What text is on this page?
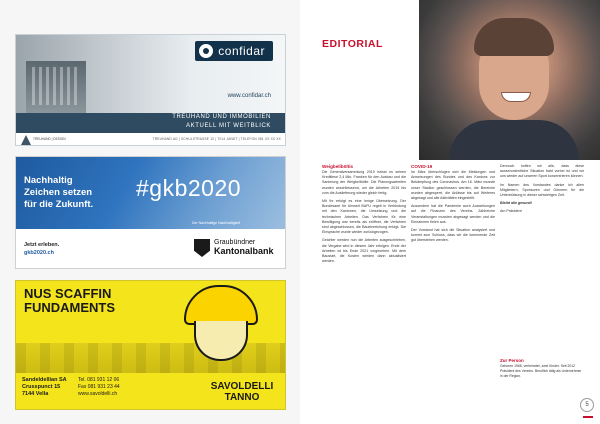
confidar
www.confidar.ch
TREUHAND UND IMMOBILIEN
AKTUELL MIT WEITBLICK
TREUHAND | DESIGN	TREUHAND AG | SCHULSTRASSE 10 | 7014 JANDT | TELEFON 081 XX XX XX
Nachhaltig
Zeichen setzen
für die Zukunft.
#gkb2020
Der Nachhaltige Nachhaltigkeit
Jetzt erleben.
gkb2020.ch
Graubündner
Kantonalbank
NUS SCAFFIN
FUNDAMENTS
Sandeldellian SA
Crusspunct 15
7144 Vella
Tel. 081 931 12 06
Fax 081 931 23 44
www.savoldelli.ch
SAVOLDELLI
TANNO
EDITORIAL
Weigbeliböltis

Die Generalversammlung 2019 heisst es seinen Kreditlese 2,4 Mio. Franken für den Ausbau und die Sanierung der Weigbelibölte. Die Planungsarbeiten wurden anschliessend, um die Arbeiten 2019 bis zum die Auslieferung wieder gleich fertig.

Mit Ihr erfolgt es eine lenige Übersetzung. Der Bundesamt für Umwelt BAFU regelt in Verbindung mit den Kantonen, die Umsetzung und die technischen Arbeiten. Das Verfahren für eine Bewilligung war bereits als eröffnet, die Verfahren sind abgeschlossen, die Baueinreichung erfolgt. Die Einsprache wurde wieder zurückgezogen.

Geichter werden nun die Arbeiten ausgeschrieben, die Vergabe wird in diesem Jahr erfolgen. Ende der Arbeiten ist bis Ende 2021 vorgesehen. Mit dem Baustart, die Kosten werden dann aktualisiert werden.

COVID-19

Im März überschlugen sich die Meldungen und Anweisungen des Bundes und des Kantons zur Bekämpfung des Coronavirus. Am 16. März musste unser Stadion geschlossen werden, die Bereiche wurden abgesperrt, die Anlässe bis auf Weiteres abgesagt und alle Aktivitäten eingestellt.

Ausserdem hat die Pandemie auch Auswirkungen auf die Finanzen des Vereins. Zahlreiche Veranstaltungen mussten abgesagt werden und die Einnahmen fielen aus.

Der Vorstand hat sich die Situation analysiert und kommt zum Schluss, dass wir die kommende Zeit gut überstehen werden.

Dennoch hoffen wir alle, dass diese ausserordentliche Situation bald vorbei ist und wir uns wieder auf unseren Sport konzentrieren können.

Im Namen des Vorstandes danke ich allen Mitgliedern, Sponsoren und Gönnern für die Unterstützung in dieser schwierigen Zeit.

Bleibt alle gesund!

Am Präsident

Zur Person
Geboren 1968, verheiratet, zwei Kinder. Seit 2012 Präsident des Vereins. Beruflich tätig als Unternehmer in der Region.
5
